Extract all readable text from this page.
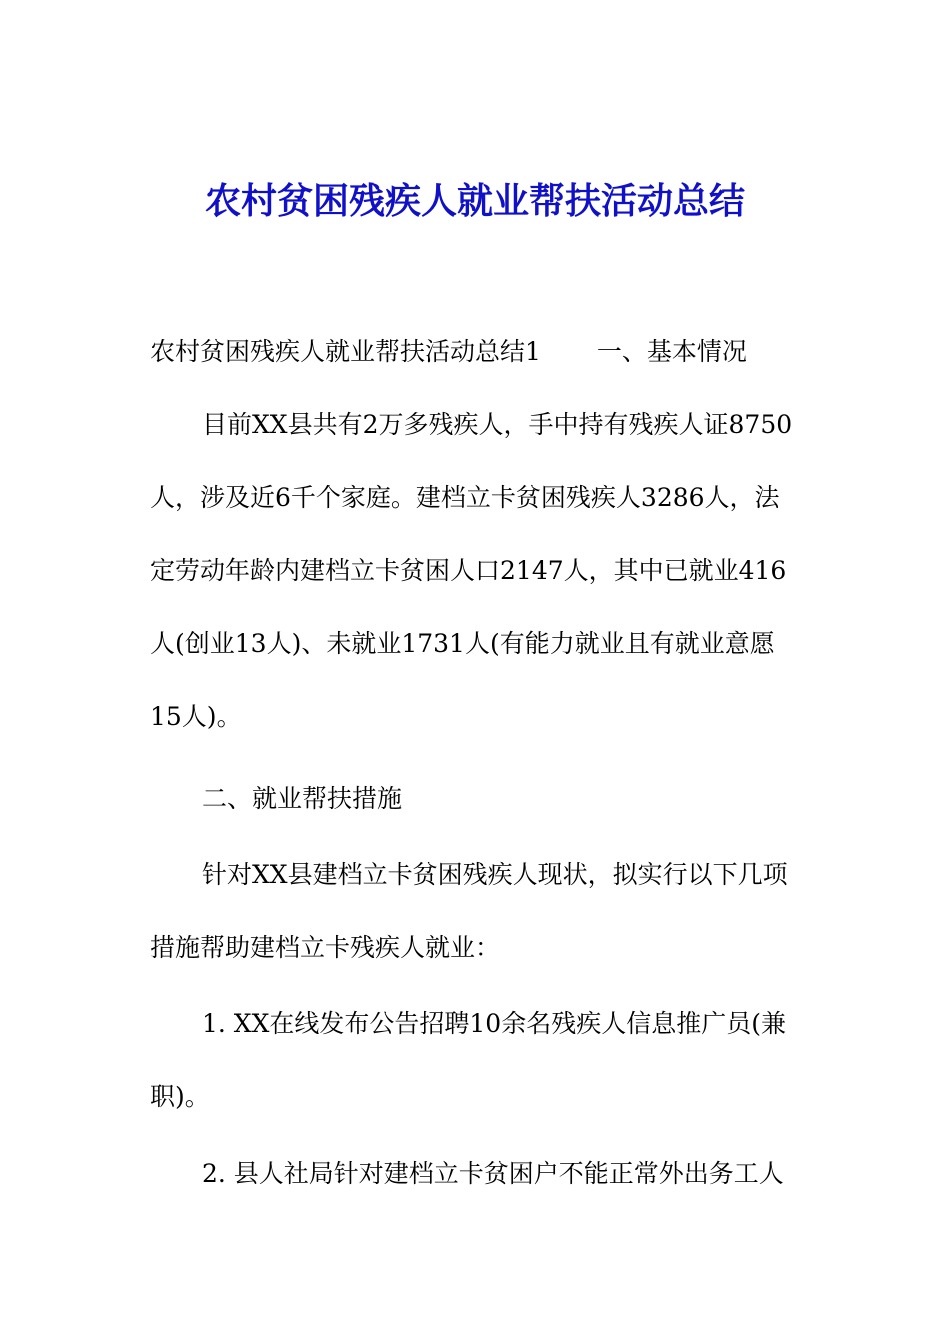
农村贫困残疾人就业帮扶活动总结
农村贫困残疾人就业帮扶活动总结1 一、基本情况
目前XX县共有2万多残疾人，手中持有残疾人证8750
人，涉及近6千个家庭。建档立卡贫困残疾人3286人，法
定劳动年龄内建档立卡贫困人口2147人，其中已就业416
人(创业13人)、未就业1731人(有能力就业且有就业意愿
15人)。
二、就业帮扶措施
针对XX县建档立卡贫困残疾人现状，拟实行以下几项
措施帮助建档立卡残疾人就业：
1. XX在线发布公告招聘10余名残疾人信息推广员(兼
职)。
2. 县人社局针对建档立卡贫困户不能正常外出务工人
